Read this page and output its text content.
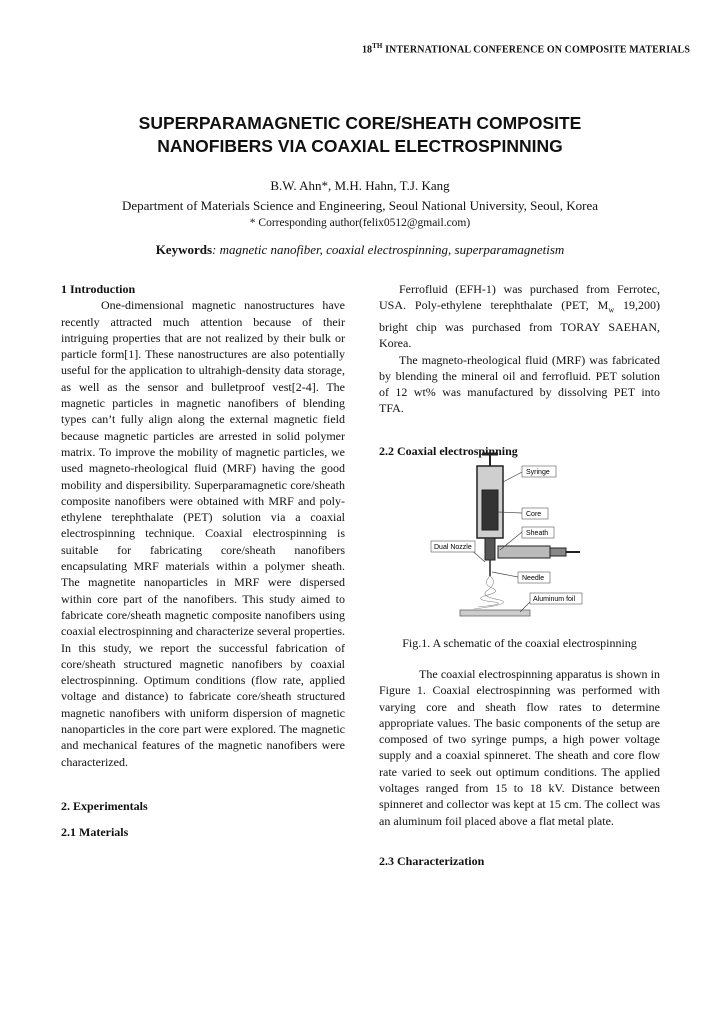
18TH INTERNATIONAL CONFERENCE ON COMPOSITE MATERIALS
SUPERPARAMAGNETIC CORE/SHEATH COMPOSITE
NANOFIBERS VIA COAXIAL ELECTROSPINNING
B.W. Ahn*, M.H. Hahn, T.J. Kang
Department of Materials Science and Engineering, Seoul National University, Seoul, Korea
* Corresponding author(felix0512@gmail.com)
Keywords: magnetic nanofiber, coaxial electrospinning, superparamagnetism

1 Introduction

One-dimensional magnetic nanostructures have recently attracted much attention because of their intriguing properties that are not realized by their bulk or particle form[1]. These nanostructures are also potentially useful for the application to ultrahigh-density data storage, as well as the sensor and bulletproof vest[2-4]. The magnetic particles in magnetic nanofibers of blending types can’t fully align along the external magnetic field because magnetic particles are arrested in solid polymer matrix. To improve the mobility of magnetic particles, we used magneto-rheological fluid (MRF) having the good mobility and dispersibility. Superparamagnetic core/sheath composite nanofibers were obtained with MRF and poly-ethylene terephthalate (PET) solution via a coaxial electrospinning technique. Coaxial electrospinning is suitable for fabricating core/sheath nanofibers encapsulating MRF materials within a polymer sheath. The magnetite nanoparticles in MRF were dispersed within core part of the nanofibers. This study aimed to fabricate core/sheath magnetic composite nanofibers using coaxial electrospinning and characterize several properties. In this study, we report the successful fabrication of core/sheath structured magnetic nanofibers by coaxial electrospinning. Optimum conditions (flow rate, applied voltage and distance) to fabricate core/sheath structured magnetic nanofibers with uniform dispersion of magnetic nanoparticles in the core part were explored. The magnetic and mechanical features of the magnetic nanofibers were characterized.

2. Experimentals

2.1 Materials

Ferrofluid (EFH-1) was purchased from Ferrotec, USA. Poly-ethylene terephthalate (PET, $M_w$ 19,200) bright chip was purchased from TORAY SAEHAN, Korea.

The magneto-rheological fluid (MRF) was fabricated by blending the mineral oil and ferrofluid. PET solution of 12 wt% was manufactured by dissolving PET into TFA.

2.2 Coaxial electrospinning

Syringe
Core
Sheath
Dual Nozzle
Needle
Aluminum foil
Fig.1. A schematic of the coaxial electrospinning

The coaxial electrospinning apparatus is shown in Figure 1. Coaxial electrospinning was performed with varying core and sheath flow rates to determine appropriate values. The basic components of the setup are composed of two syringe pumps, a high power voltage supply and a coaxial spinneret. The sheath and core flow rate varied to seek out optimum conditions. The applied voltages ranged from 15 to 18 kV. Distance between spinneret and collector was kept at 15 cm. The collect was an aluminum foil placed above a flat metal plate.

2.3 Characterization
